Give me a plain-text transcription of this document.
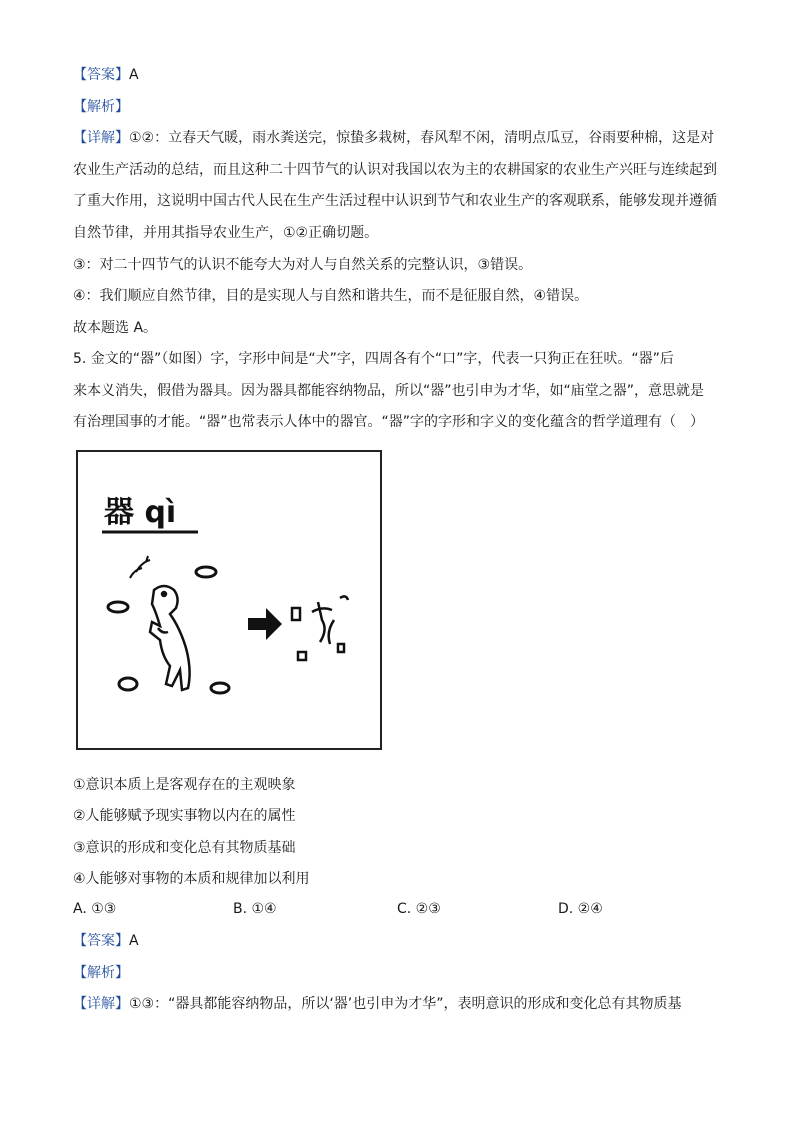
【答案】A
【解析】
【详解】①②：立春天气暖，雨水粪送完，惊蛰多栽树，春风犁不闲，清明点瓜豆，谷雨要种棉，这是对
农业生产活动的总结，而且这种二十四节气的认识对我国以农为主的农耕国家的农业生产兴旺与连续起到
了重大作用，这说明中国古代人民在生产生活过程中认识到节气和农业生产的客观联系，能够发现并遵循
自然节律，并用其指导农业生产，①②正确切题。
③：对二十四节气的认识不能夸大为对人与自然关系的完整认识，③错误。
④：我们顺应自然节律，目的是实现人与自然和谐共生，而不是征服自然，④错误。
故本题选 A。
5. 金文的“器”（如图）字，字形中间是“犬”字，四周各有个“口”字，代表一只狗正在狂吠。“器”后
来本义消失，假借为器具。因为器具都能容纳物品，所以“器”也引申为才华，如“庙堂之器”，意思就是
有治理国事的才能。“器”也常表示人体中的器官。“器”字的字形和字义的变化蕴含的哲学道理有（　）
器 qì
①意识本质上是客观存在的主观映象
②人能够赋予现实事物以内在的属性
③意识的形成和变化总有其物质基础
④人能够对事物的本质和规律加以利用
A. ①③	B. ①④	C. ②③	D. ②④
【答案】A
【解析】
【详解】①③：“器具都能容纳物品，所以‘器’也引申为才华”，表明意识的形成和变化总有其物质基
